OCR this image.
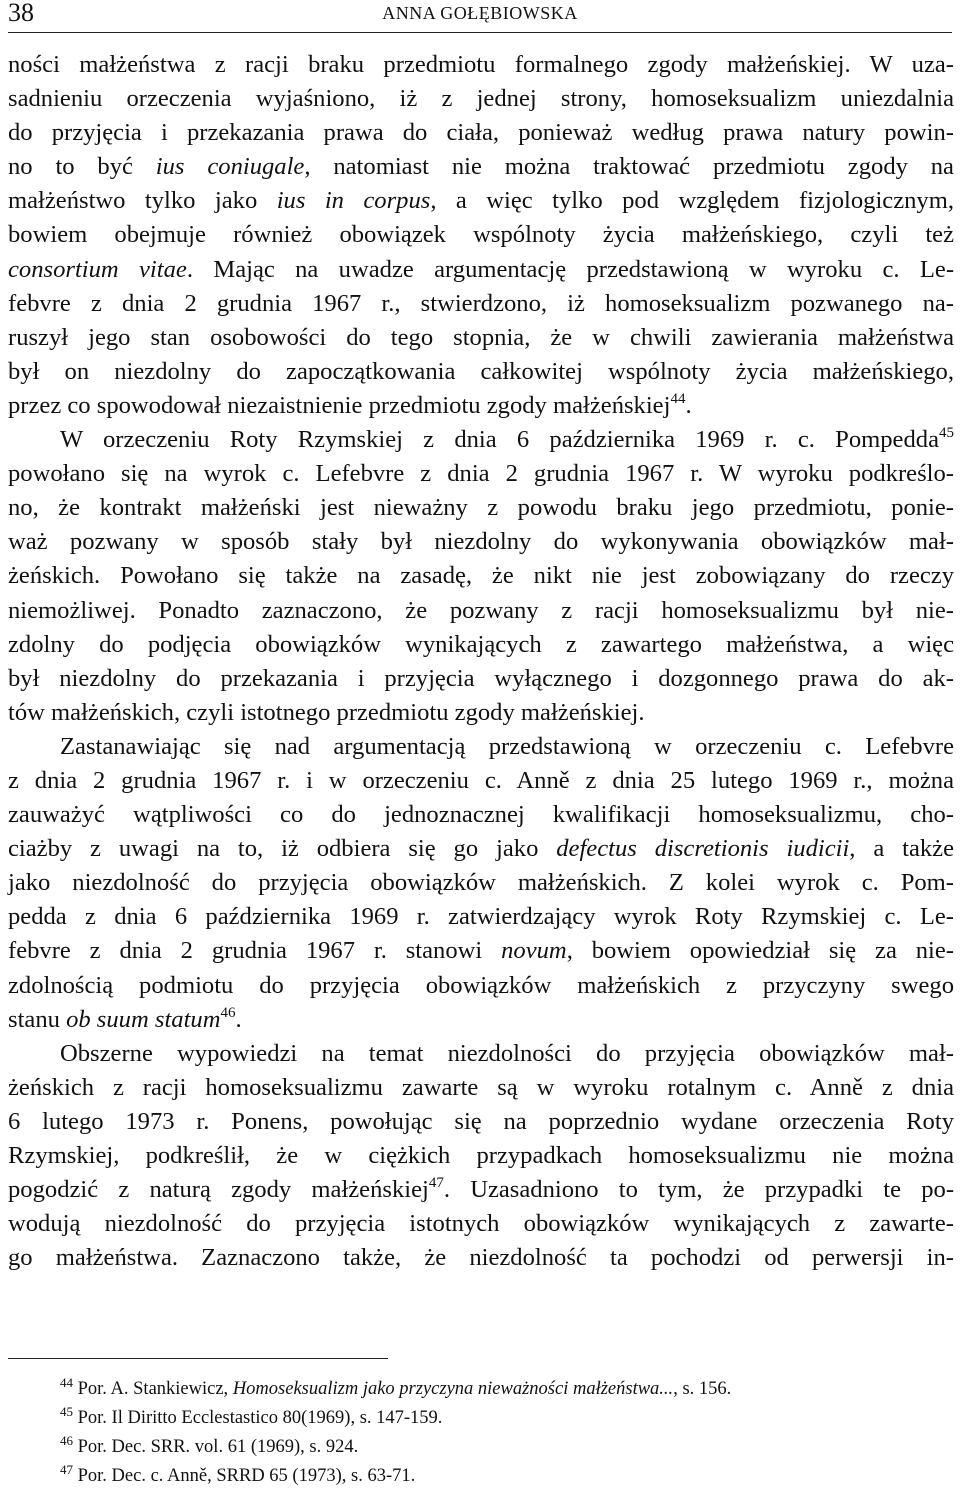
38	ANNA GOŁĘBIOWSKA
ności małżeństwa z racji braku przedmiotu formalnego zgody małżeńskiej. W uza-
sadnieniu orzeczenia wyjaśniono, iż z jednej strony, homoseksualizm uniezdalnia
do przyjęcia i przekazania prawa do ciała, ponieważ według prawa natury powin-
no to być ius coniugale, natomiast nie można traktować przedmiotu zgody na
małżeństwo tylko jako ius in corpus, a więc tylko pod względem fizjologicznym,
bowiem obejmuje również obowiązek wspólnoty życia małżeńskiego, czyli też
consortium vitae. Mając na uwadze argumentację przedstawioną w wyroku c. Le-
febvre z dnia 2 grudnia 1967 r., stwierdzono, iż homoseksualizm pozwanego na-
ruszył jego stan osobowości do tego stopnia, że w chwili zawierania małżeństwa
był on niezdolny do zapoczątkowania całkowitej wspólnoty życia małżeńskiego,
przez co spowodował niezaistnienie przedmiotu zgody małżeńskiej$^{44}$.
W orzeczeniu Roty Rzymskiej z dnia 6 października 1969 r. c. Pompedda$^{45}$
powołano się na wyrok c. Lefebvre z dnia 2 grudnia 1967 r. W wyroku podkreślo-
no, że kontrakt małżeński jest nieważny z powodu braku jego przedmiotu, ponie-
waż pozwany w sposób stały był niezdolny do wykonywania obowiązków mał-
żeńskich. Powołano się także na zasadę, że nikt nie jest zobowiązany do rzeczy
niemożliwej. Ponadto zaznaczono, że pozwany z racji homoseksualizmu był nie-
zdolny do podjęcia obowiązków wynikających z zawartego małżeństwa, a więc
był niezdolny do przekazania i przyjęcia wyłącznego i dozgonnego prawa do ak-
tów małżeńskich, czyli istotnego przedmiotu zgody małżeńskiej.
Zastanawiając się nad argumentacją przedstawioną w orzeczeniu c. Lefebvre
z dnia 2 grudnia 1967 r. i w orzeczeniu c. Anně z dnia 25 lutego 1969 r., można
zauważyć wątpliwości co do jednoznacznej kwalifikacji homoseksualizmu, cho-
ciażby z uwagi na to, iż odbiera się go jako defectus discretionis iudicii, a także
jako niezdolność do przyjęcia obowiązków małżeńskich. Z kolei wyrok c. Pom-
pedda z dnia 6 października 1969 r. zatwierdzający wyrok Roty Rzymskiej c. Le-
febvre z dnia 2 grudnia 1967 r. stanowi novum, bowiem opowiedział się za nie-
zdolnością podmiotu do przyjęcia obowiązków małżeńskich z przyczyny swego
stanu ob suum statum$^{46}$.
Obszerne wypowiedzi na temat niezdolności do przyjęcia obowiązków mał-
żeńskich z racji homoseksualizmu zawarte są w wyroku rotalnym c. Anně z dnia
6 lutego 1973 r. Ponens, powołując się na poprzednio wydane orzeczenia Roty
Rzymskiej, podkreślił, że w ciężkich przypadkach homoseksualizmu nie można
pogodzić z naturą zgody małżeńskiej$^{47}$. Uzasadniono to tym, że przypadki te po-
wodują niezdolność do przyjęcia istotnych obowiązków wynikających z zawarte-
go małżeństwa. Zaznaczono także, że niezdolność ta pochodzi od perwersji in-
$^{44}$ Por. A. Stankiewicz, Homoseksualizm jako przyczyna nieważności małżeństwa..., s. 156.
$^{45}$ Por. Il Diritto Ecclestastico 80(1969), s. 147-159.
$^{46}$ Por. Dec. SRR. vol. 61 (1969), s. 924.
$^{47}$ Por. Dec. c. Anně, SRRD 65 (1973), s. 63-71.
